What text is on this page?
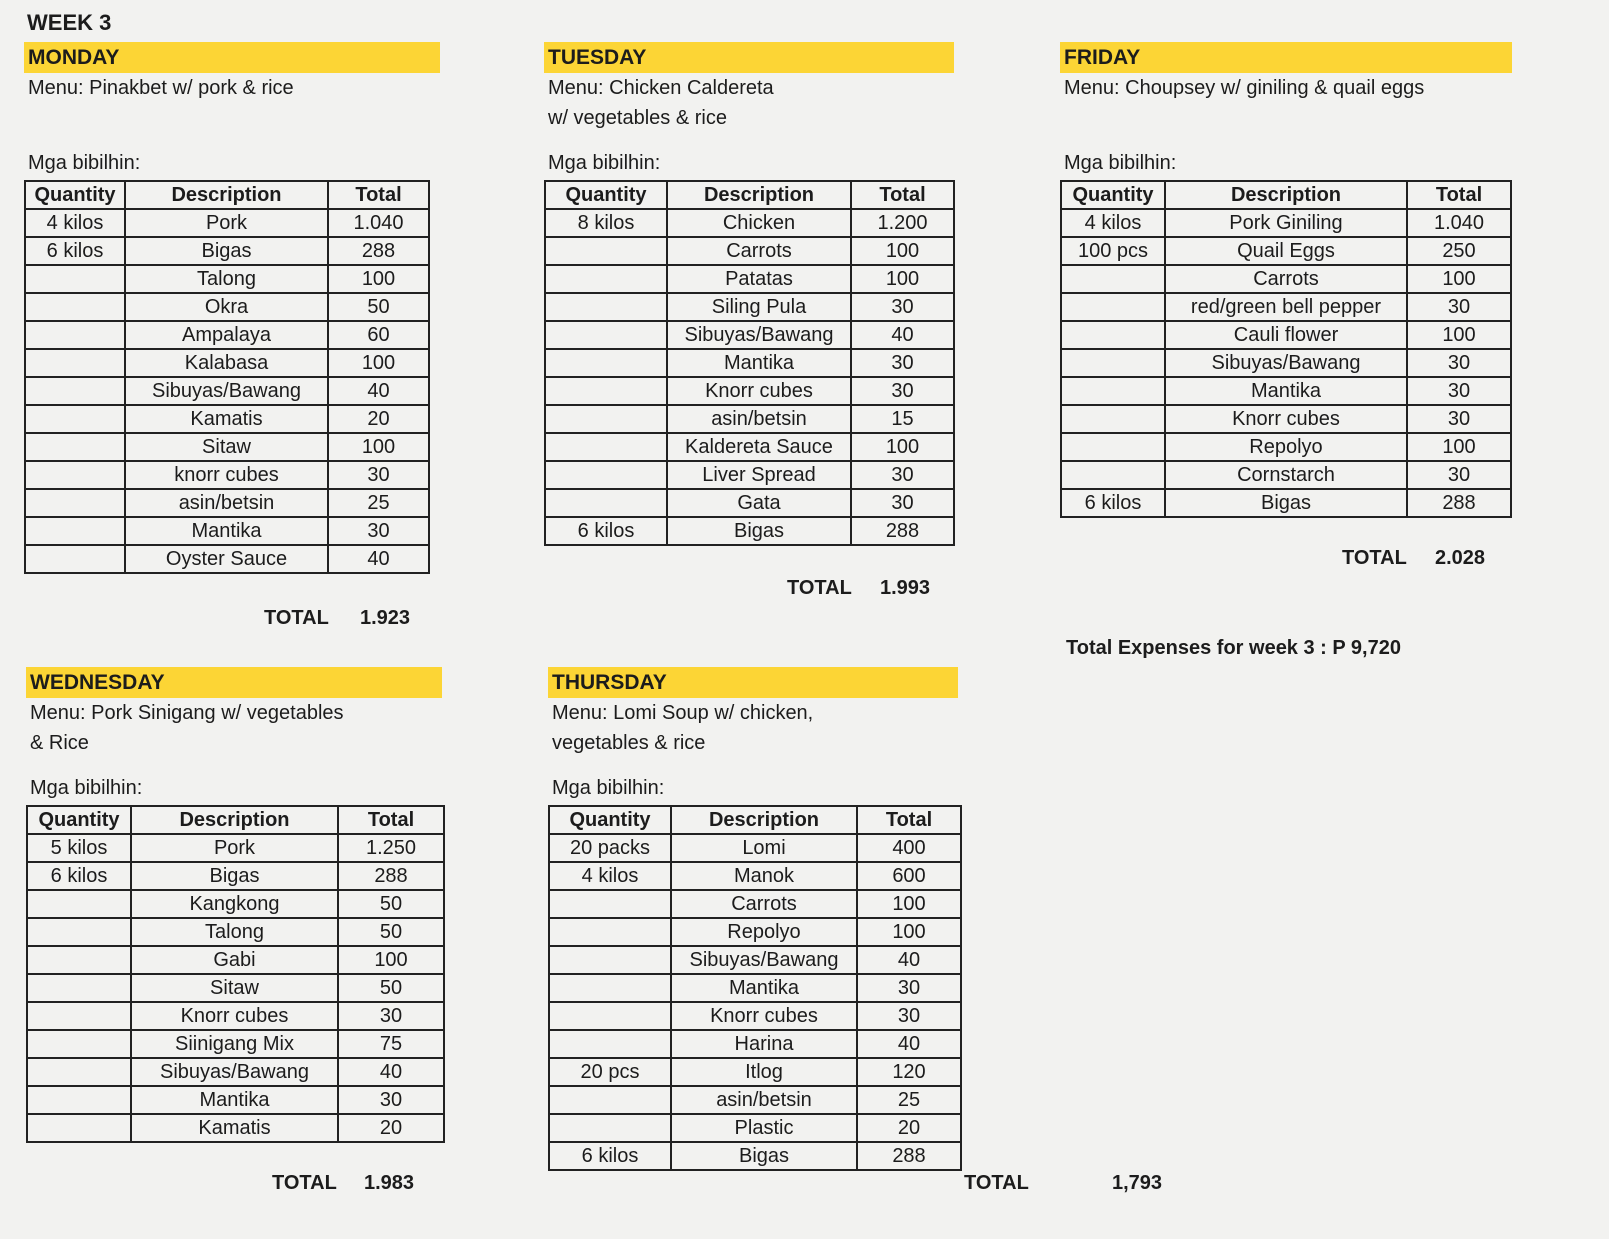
WEEK 3
MONDAY
Menu: Pinakbet w/ pork & rice
Mga bibilhin:
Quantity	Description	Total
4 kilos	Pork	1.040
6 kilos	Bigas	288
	Talong	100
	Okra	50
	Ampalaya	60
	Kalabasa	100
	Sibuyas/Bawang	40
	Kamatis	20
	Sitaw	100
	knorr cubes	30
	asin/betsin	25
	Mantika	30
	Oyster Sauce	40
TOTAL 1.923
TUESDAY
Menu: Chicken Caldereta
w/ vegetables & rice
Mga bibilhin:
Quantity	Description	Total
8 kilos	Chicken	1.200
	Carrots	100
	Patatas	100
	Siling Pula	30
	Sibuyas/Bawang	40
	Mantika	30
	Knorr cubes	30
	asin/betsin	15
	Kaldereta Sauce	100
	Liver Spread	30
	Gata	30
6 kilos	Bigas	288
TOTAL 1.993
FRIDAY
Menu: Choupsey w/ giniling & quail eggs
Mga bibilhin:
Quantity	Description	Total
4 kilos	Pork Giniling	1.040
100 pcs	Quail Eggs	250
	Carrots	100
	red/green bell pepper	30
	Cauli flower	100
	Sibuyas/Bawang	30
	Mantika	30
	Knorr cubes	30
	Repolyo	100
	Cornstarch	30
6 kilos	Bigas	288
TOTAL 2.028
Total Expenses for week 3 : P 9,720
WEDNESDAY
Menu: Pork Sinigang w/ vegetables
& Rice
Mga bibilhin:
Quantity	Description	Total
5 kilos	Pork	1.250
6 kilos	Bigas	288
	Kangkong	50
	Talong	50
	Gabi	100
	Sitaw	50
	Knorr cubes	30
	Siinigang Mix	75
	Sibuyas/Bawang	40
	Mantika	30
	Kamatis	20
TOTAL 1.983
THURSDAY
Menu: Lomi Soup w/ chicken,
vegetables & rice
Mga bibilhin:
Quantity	Description	Total
20 packs	Lomi	400
4 kilos	Manok	600
	Carrots	100
	Repolyo	100
	Sibuyas/Bawang	40
	Mantika	30
	Knorr cubes	30
	Harina	40
20 pcs	Itlog	120
	asin/betsin	25
	Plastic	20
6 kilos	Bigas	288
TOTAL	1,793
